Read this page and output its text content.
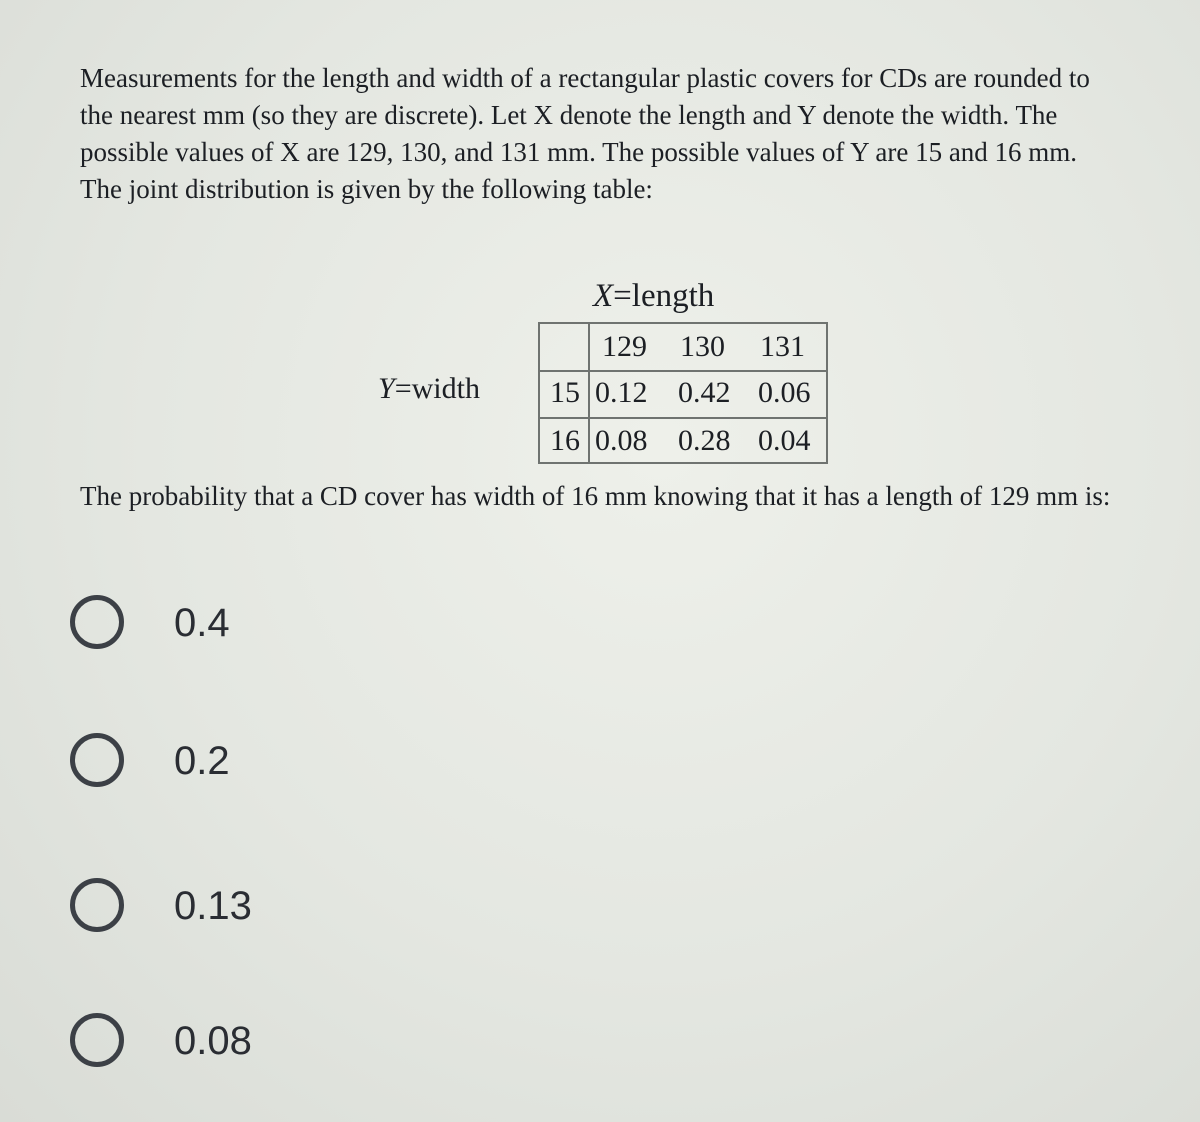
Measurements for the length and width of a rectangular plastic covers for CDs are rounded to the nearest mm (so they are discrete). Let X denote the length and Y denote the width. The possible values of X are 129, 130, and 131 mm. The possible values of Y are 15 and 16 mm. The joint distribution is given by the following table:
X=length
Y=width
129 130 131
15 0.12 0.42 0.06
16 0.08 0.28 0.04
The probability that a CD cover has width of 16 mm knowing that it has a length of 129 mm is:
0.4
0.2
0.13
0.08
